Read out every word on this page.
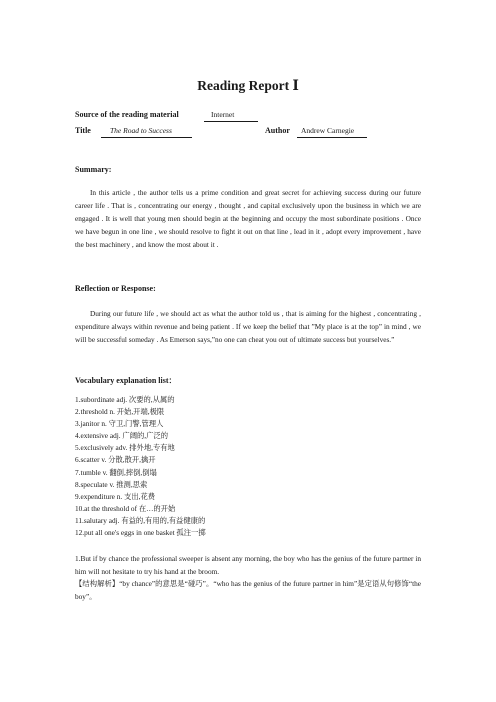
Reading Report Ⅰ
Source of the reading material	Internet
Title	The Road to Success	Author Andrew Carnegie
Summary:
In this article , the author tells us a prime condition and great secret for achieving success during our future career life . That is , concentrating our energy , thought , and capital exclusively upon the business in which we are engaged . It is well that young men should begin at the beginning and occupy the most subordinate positions . Once we have begun in one line , we should resolve to fight it out on that line , lead in it , adopt every improvement , have the best machinery , and know the most about it .
Reflection or Response:
During our future life , we should act as what the author told us , that is aiming for the highest , concentrating , expenditure always within revenue and being patient . If we keep the belief that ”My place is at the top” in mind , we will be successful someday . As Emerson says,”no one can cheat you out of ultimate success but yourselves.”
Vocabulary explanation list：
1.subordinate adj. 次要的,从属的
2.threshold n. 开始,开端,极限
3.janitor n. 守卫,门警,管理人
4.extensive adj. 广阔的,广泛的
5.exclusively adv. 排外地,专有地
6.scatter v. 分散,散开,擒开
7.tumble v. 翻倒,摔倒,倒塌
8.speculate v. 推测,思索
9.expenditure n. 支出,花费
10.at the threshold of 在…的开始
11.salutary adj. 有益的,有用的,有益健康的
12.put all one's eggs in one basket 孤注一掷
1.But if by chance the professional sweeper is absent any morning, the boy who has the genius of the future partner in him will not hesitate to try his hand at the broom.
【结构解析】“by chance”的意思是“碰巧”。“who has the genius of the future partner in him”是定语从句修饰“the boy”。
